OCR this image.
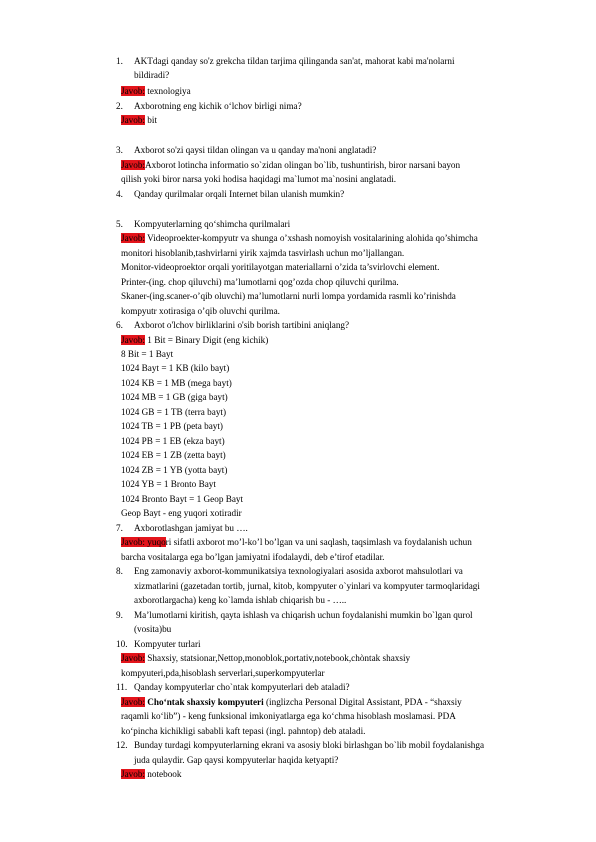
1. AKTdagi qanday so'z grekcha tildan tarjima qilinganda san'at, mahorat kabi ma'nolarni
bildiradi?
Javob: texnologiya
2. Axborotning eng kichik o‘lchov birligi nima?
Javob: bit
3. Axborot so'zi qaysi tildan olingan va u qanday ma'noni anglatadi?
Javob:Axborot lotincha informatio so`zidan olingan bo`lib, tushuntirish, biror narsani bayon
qilish yoki biror narsa yoki hodisa haqidagi ma`lumot ma`nosini anglatadi.
4. Qanday qurilmalar orqali Internet bilan ulanish mumkin?
5. Kompyuterlarning qo‘shimcha qurilmalari
Javob: Videoproekter-kompyutr va shunga o’xshash nomoyish vositalarining alohida qo’shimcha
monitori hisoblanib,tashvirlarni yirik xajmda tasvirlash uchun mo’ljallangan.
Monitor-videoproektor orqali yoritilayotgan materiallarni o’zida ta’svirlovchi element.
Printer-(ing. chop qiluvchi) ma’lumotlarni qog’ozda chop qiluvchi qurilma.
Skaner-(ing.scaner-o’qib oluvchi) ma’lumotlarni nurli lompa yordamida rasmli ko’rinishda
kompyutr xotirasiga o’qib oluvchi qurilma.
6. Axborot o'lchov birliklarini o'sib borish tartibini aniqlang?
Javob: 1 Bit = Binary Digit (eng kichik)
8 Bit = 1 Bayt
1024 Bayt = 1 KB (kilo bayt)
1024 KB = 1 MB (mega bayt)
1024 MB = 1 GB (giga bayt)
1024 GB = 1 TB (terra bayt)
1024 TB = 1 PB (peta bayt)
1024 PB = 1 EB (ekza bayt)
1024 EB = 1 ZB (zetta bayt)
1024 ZB = 1 YB (yotta bayt)
1024 YB = 1 Bronto Bayt
1024 Bronto Bayt = 1 Geop Bayt
Geop Bayt - eng yuqori xotiradir
7. Axborotlashgan jamiyat bu ….
Javob: yuqori sifatli axborot mo’l-ko’l bo’lgan va uni saqlash, taqsimlash va foydalanish uchun
barcha vositalarga ega bo’lgan jamiyatni ifodalaydi, deb e’tirof etadilar.
8. Eng zamonaviy axborot-kommunikatsiya texnologiyalari asosida axborot mahsulotlari va
xizmatlarini (gazetadan tortib, jurnal, kitob, kompyuter o`yinlari va kompyuter tarmoqlaridagi
axborotlargacha) keng ko`lamda ishlab chiqarish bu - …..
9. Ma’lumotlarni kiritish, qayta ishlash va chiqarish uchun foydalanishi mumkin bo`lgan qurol
(vosita)bu
10. Kompyuter turlari
Javob: Shaxsiy, statsionar,Nettop,monoblok,portativ,notebook,chòntak shaxsiy
kompyuteri,pda,hisoblash serverlari,superkompyuterlar
11. Qanday kompyuterlar cho`ntak kompyuterlari deb ataladi?
Javob: Cho‘ntak shaxsiy kompyuteri (inglizcha Personal Digital Assistant, PDA - “shaxsiy
raqamli ko‘lib”) - keng funksional imkoniyatlarga ega ko‘chma hisoblash moslamasi. PDA
ko‘pincha kichikligi sababli kaft tepasi (ingl. pahntop) deb ataladi.
12. Bunday turdagi kompyuterlarning ekrani va asosiy bloki birlashgan bo`lib mobil foydalanishga
juda qulaydir. Gap qaysi kompyuterlar haqida ketyapti?
Javob: notebook
